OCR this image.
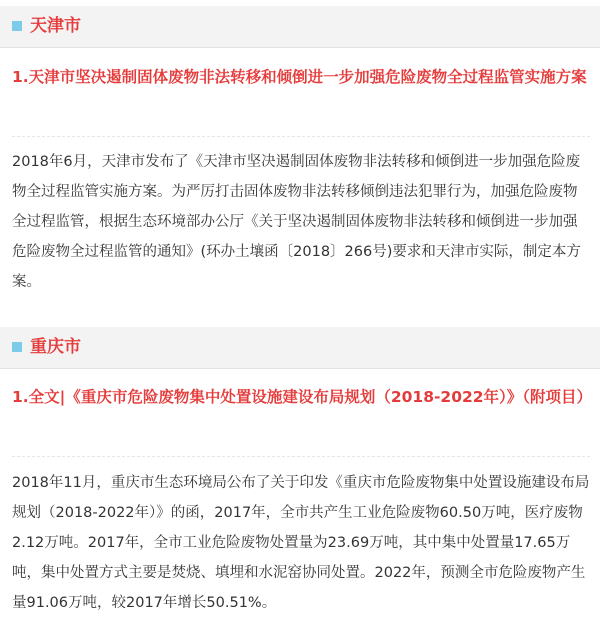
天津市
1.天津市坚决遏制固体废物非法转移和倾倒进一步加强危险废物全过程监管实施方案
2018年6月，天津市发布了《天津市坚决遏制固体废物非法转移和倾倒进一步加强危险废物全过程监管实施方案。为严厉打击固体废物非法转移倾倒违法犯罪行为，加强危险废物全过程监管，根据生态环境部办公厅《关于坚决遏制固体废物非法转移和倾倒进一步加强危险废物全过程监管的通知》(环办土壤函〔2018〕266号)要求和天津市实际，制定本方案。
重庆市
1.全文|《重庆市危险废物集中处置设施建设布局规划（2018-2022年）》（附项目）
2018年11月，重庆市生态环境局公布了关于印发《重庆市危险废物集中处置设施建设布局规划（2018-2022年）》的函，2017年，全市共产生工业危险废物60.50万吨，医疗废物2.12万吨。2017年，全市工业危险废物处置量为23.69万吨，其中集中处置量17.65万吨，集中处置方式主要是焚烧、填埋和水泥窑协同处置。2022年，预测全市危险废物产生量91.06万吨，较2017年增长50.51%。
